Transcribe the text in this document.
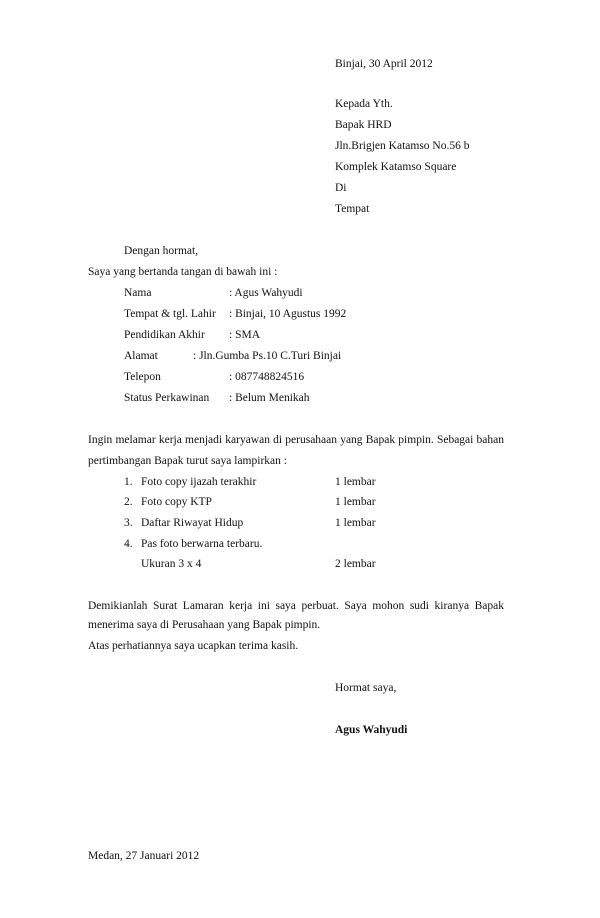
Binjai, 30 April 2012
Kepada Yth.
Bapak HRD
Jln.Brigjen Katamso No.56 b
Komplek Katamso Square
Di
Tempat
Dengan hormat,
Saya yang bertanda tangan di bawah ini :
Nama	: Agus Wahyudi
Tempat & tgl. Lahir : Binjai, 10 Agustus 1992
Pendidikan Akhir : SMA
Alamat	: Jln.Gumba Ps.10 C.Turi Binjai
Telepon	: 087748824516
Status Perkawinan : Belum Menikah
Ingin melamar kerja menjadi karyawan di perusahaan yang Bapak pimpin. Sebagai bahan
pertimbangan Bapak turut saya lampirkan :
1. Foto copy ijazah terakhir	1 lembar
2. Foto copy KTP	1 lembar
3. Daftar Riwayat Hidup	1 lembar
4. Pas foto berwarna terbaru.
Ukuran 3 x 4	2 lembar
Demikianlah Surat Lamaran kerja ini saya perbuat. Saya mohon sudi kiranya Bapak
menerima saya di Perusahaan yang Bapak pimpin.
Atas perhatiannya saya ucapkan terima kasih.
Hormat saya,
Agus Wahyudi
Medan, 27 Januari 2012
